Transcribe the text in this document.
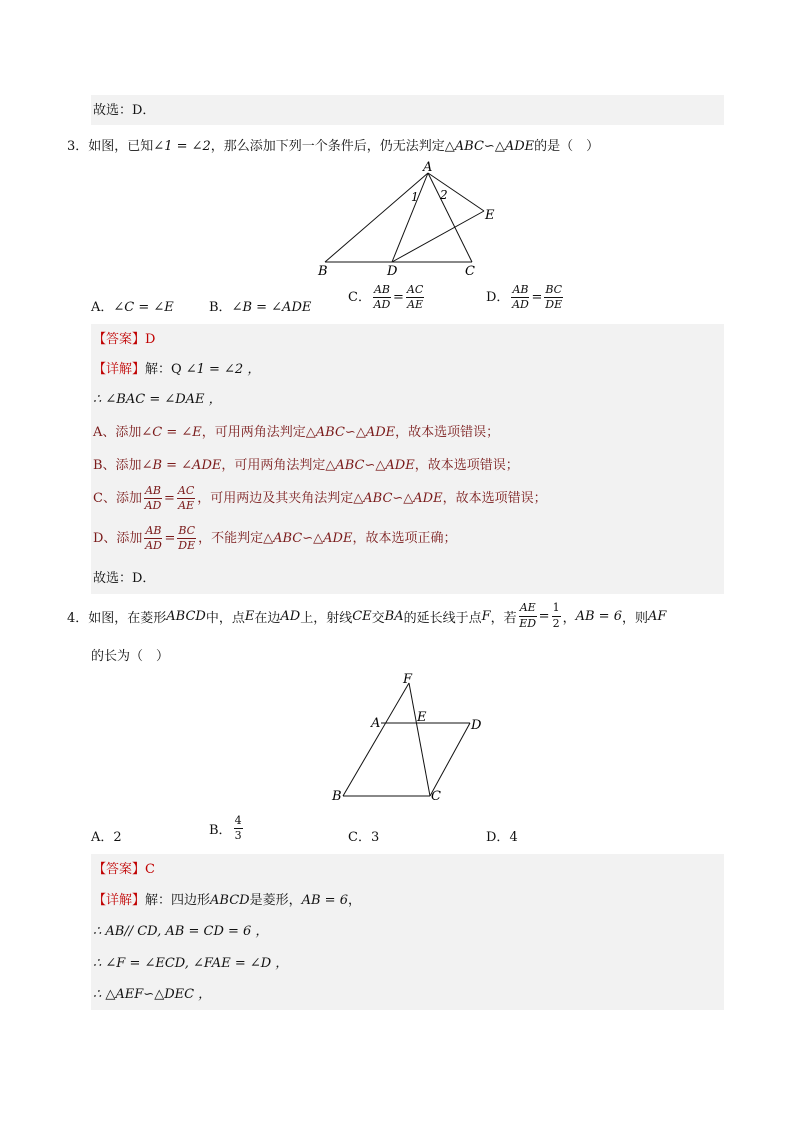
故选：D．
3．如图，已知∠1 = ∠2，那么添加下列一个条件后，仍无法判定△ABC∽△ADE的是（　）
A
B	D	C
E
1 2
A．∠C = ∠E	B．∠B = ∠ADE
C． $\frac{AB}{AD} = \frac{AC}{AE}$	D． $\frac{AB}{AD} = \frac{BC}{DE}$
【答案】D
【详解】解：Q ∠1 = ∠2 ，
∴ ∠BAC = ∠DAE ，
A、添加∠C = ∠E，可用两角法判定△ABC∽△ADE，故本选项错误；
B、添加∠B = ∠ADE，可用两角法判定△ABC∽△ADE，故本选项错误；
C、添加 $\frac{AB}{AD} = \frac{AC}{AE}$ ，可用两边及其夹角法判定△ABC∽△ADE，故本选项错误；
D、添加 $\frac{AB}{AD} = \frac{BC}{DE}$ ，不能判定△ABC∽△ADE，故本选项正确；
故选：D．
4． 如图，在菱形 ABCD 中，点 E 在边 AD 上，射线 CE 交 BA 的延长线于点 F ，若 $\frac{AE}{ED} = \frac{1}{2}$ ， AB = 6 ，则 AF
的长为（　）
F
A	E
D
B	C
A．2	B． $\frac{4}{3}$	C．3	D．4
【答案】C
【详解】解：四边形ABCD是菱形，AB = 6，
∴ AB// CD, AB = CD = 6 ，
∴ ∠F = ∠ECD, ∠FAE = ∠D ，
∴ △AEF∽△DEC ，
